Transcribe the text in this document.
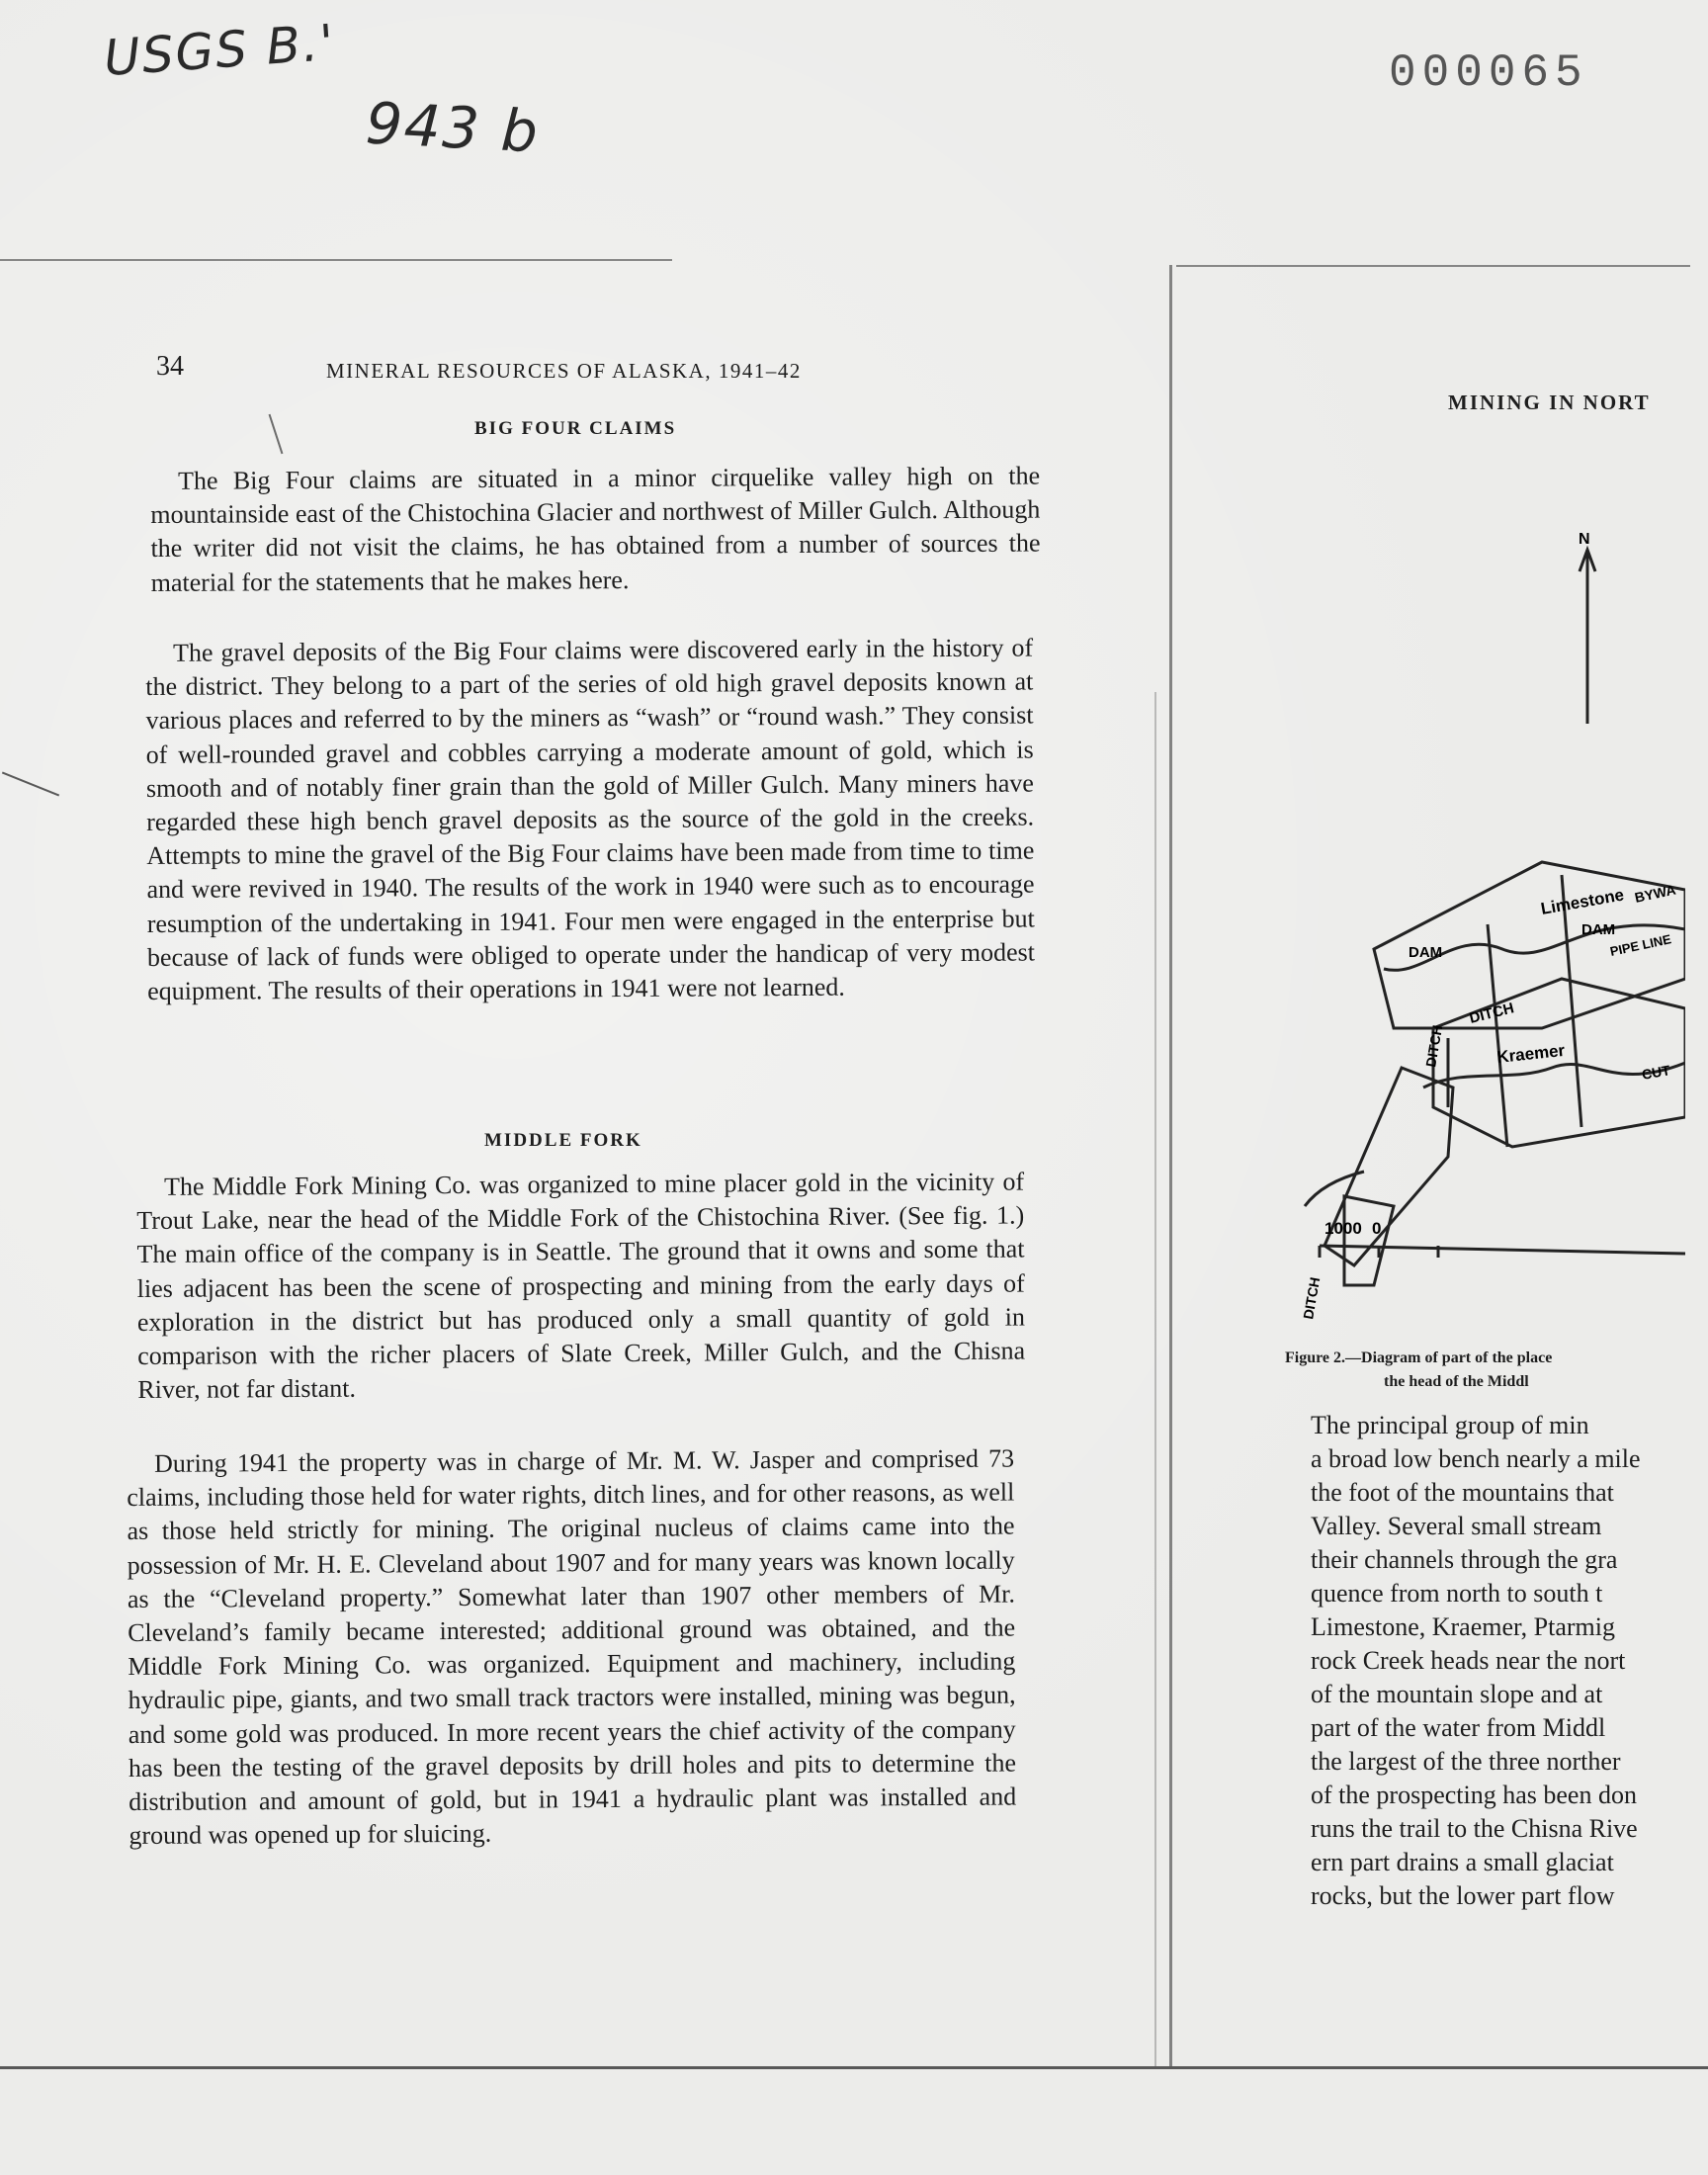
USGS B.'
943 b
000065
34	MINERAL RESOURCES OF ALASKA, 1941–42
BIG FOUR CLAIMS

The Big Four claims are situated in a minor cirquelike valley high on the mountainside east of the Chistochina Glacier and northwest of Miller Gulch. Although the writer did not visit the claims, he has obtained from a number of sources the material for the statements that he makes here.

The gravel deposits of the Big Four claims were discovered early in the history of the district. They belong to a part of the series of old high gravel deposits known at various places and referred to by the miners as “wash” or “round wash.” They consist of well-rounded gravel and cobbles carrying a moderate amount of gold, which is smooth and of notably finer grain than the gold of Miller Gulch. Many miners have regarded these high bench gravel deposits as the source of the gold in the creeks. Attempts to mine the gravel of the Big Four claims have been made from time to time and were revived in 1940. The results of the work in 1940 were such as to encourage resumption of the undertaking in 1941. Four men were engaged in the enterprise but because of lack of funds were obliged to operate under the handicap of very modest equipment. The results of their operations in 1941 were not learned.

MIDDLE FORK

The Middle Fork Mining Co. was organized to mine placer gold in the vicinity of Trout Lake, near the head of the Middle Fork of the Chistochina River. (See fig. 1.) The main office of the company is in Seattle. The ground that it owns and some that lies adjacent has been the scene of prospecting and mining from the early days of exploration in the district but has produced only a small quantity of gold in comparison with the richer placers of Slate Creek, Miller Gulch, and the Chisna River, not far distant.

During 1941 the property was in charge of Mr. M. W. Jasper and comprised 73 claims, including those held for water rights, ditch lines, and for other reasons, as well as those held strictly for mining. The original nucleus of claims came into the possession of Mr. H. E. Cleveland about 1907 and for many years was known locally as the “Cleveland property.” Somewhat later than 1907 other members of Mr. Cleveland’s family became interested; additional ground was obtained, and the Middle Fork Mining Co. was organized. Equipment and machinery, including hydraulic pipe, giants, and two small track tractors were installed, mining was begun, and some gold was produced. In more recent years the chief activity of the company has been the testing of the gravel deposits by drill holes and pits to determine the distribution and amount of gold, but in 1941 a hydraulic plant was installed and ground was opened up for sluicing.

MINING IN NORT
N
Limestone BYWA
DAM
DAM	PIPE LINE
DITCH
DITCH	Kraemer
CUT
1000 0
DITCH
Figure 2.—Diagram of part of the place
the head of the Middl
The principal group of min
a broad low bench nearly a mile
the foot of the mountains that
Valley. Several small stream
their channels through the gra
quence from north to south t
Limestone, Kraemer, Ptarmig
rock Creek heads near the nort
of the mountain slope and at
part of the water from Middl
the largest of the three norther
of the prospecting has been don
runs the trail to the Chisna Rive
ern part drains a small glaciat
rocks, but the lower part flow
